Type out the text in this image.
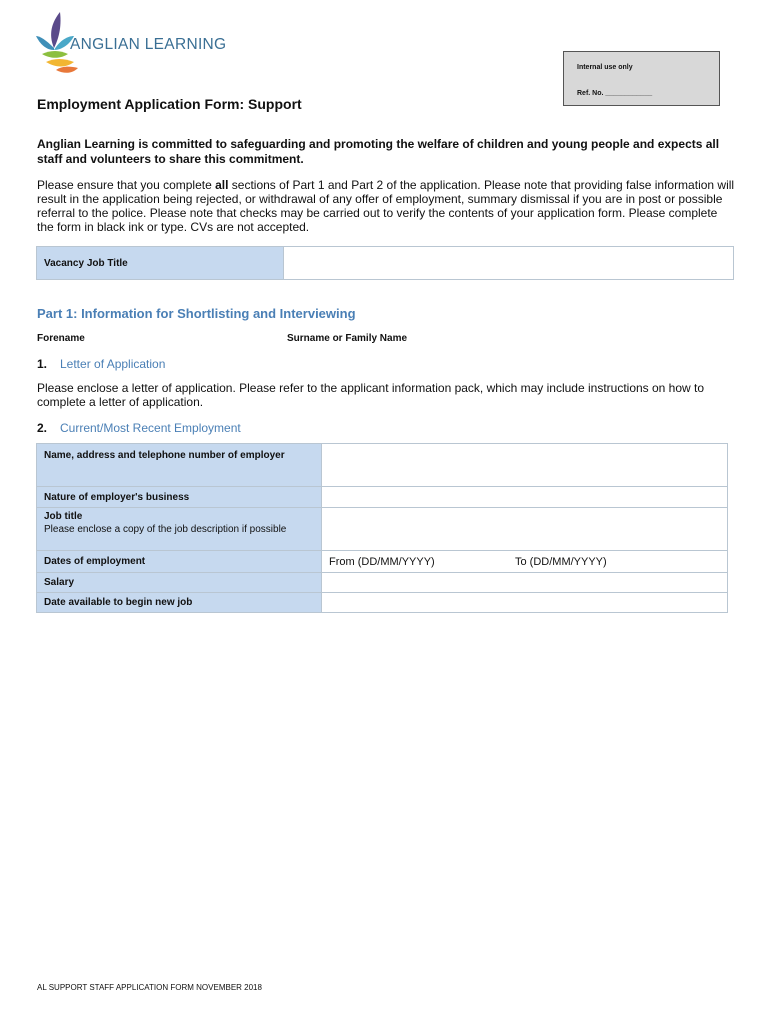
ANGLIAN LEARNING
Internal use only
Ref. No. ____________
Employment Application Form: Support
Anglian Learning is committed to safeguarding and promoting the welfare of children and young people and expects all staff and volunteers to share this commitment.
Please ensure that you complete all sections of Part 1 and Part 2 of the application. Please note that providing false information will result in the application being rejected, or withdrawal of any offer of employment, summary dismissal if you are in post or possible referral to the police. Please note that checks may be carried out to verify the contents of your application form. Please complete the form in black ink or type. CVs are not accepted.
Vacancy Job Title
Part 1: Information for Shortlisting and Interviewing
Forename	Surname or Family Name
1. Letter of Application
Please enclose a letter of application. Please refer to the applicant information pack, which may include instructions on how to complete a letter of application.
2. Current/Most Recent Employment
Name, address and telephone number of employer	
Nature of employer's business	

Job title
Please enclose a copy of the job description if possible	

Dates of employment	From (DD/MM/YYYY) To (DD/MM/YYYY)

Salary	
Date available to begin new job	
AL SUPPORT STAFF APPLICATION FORM NOVEMBER 2018
